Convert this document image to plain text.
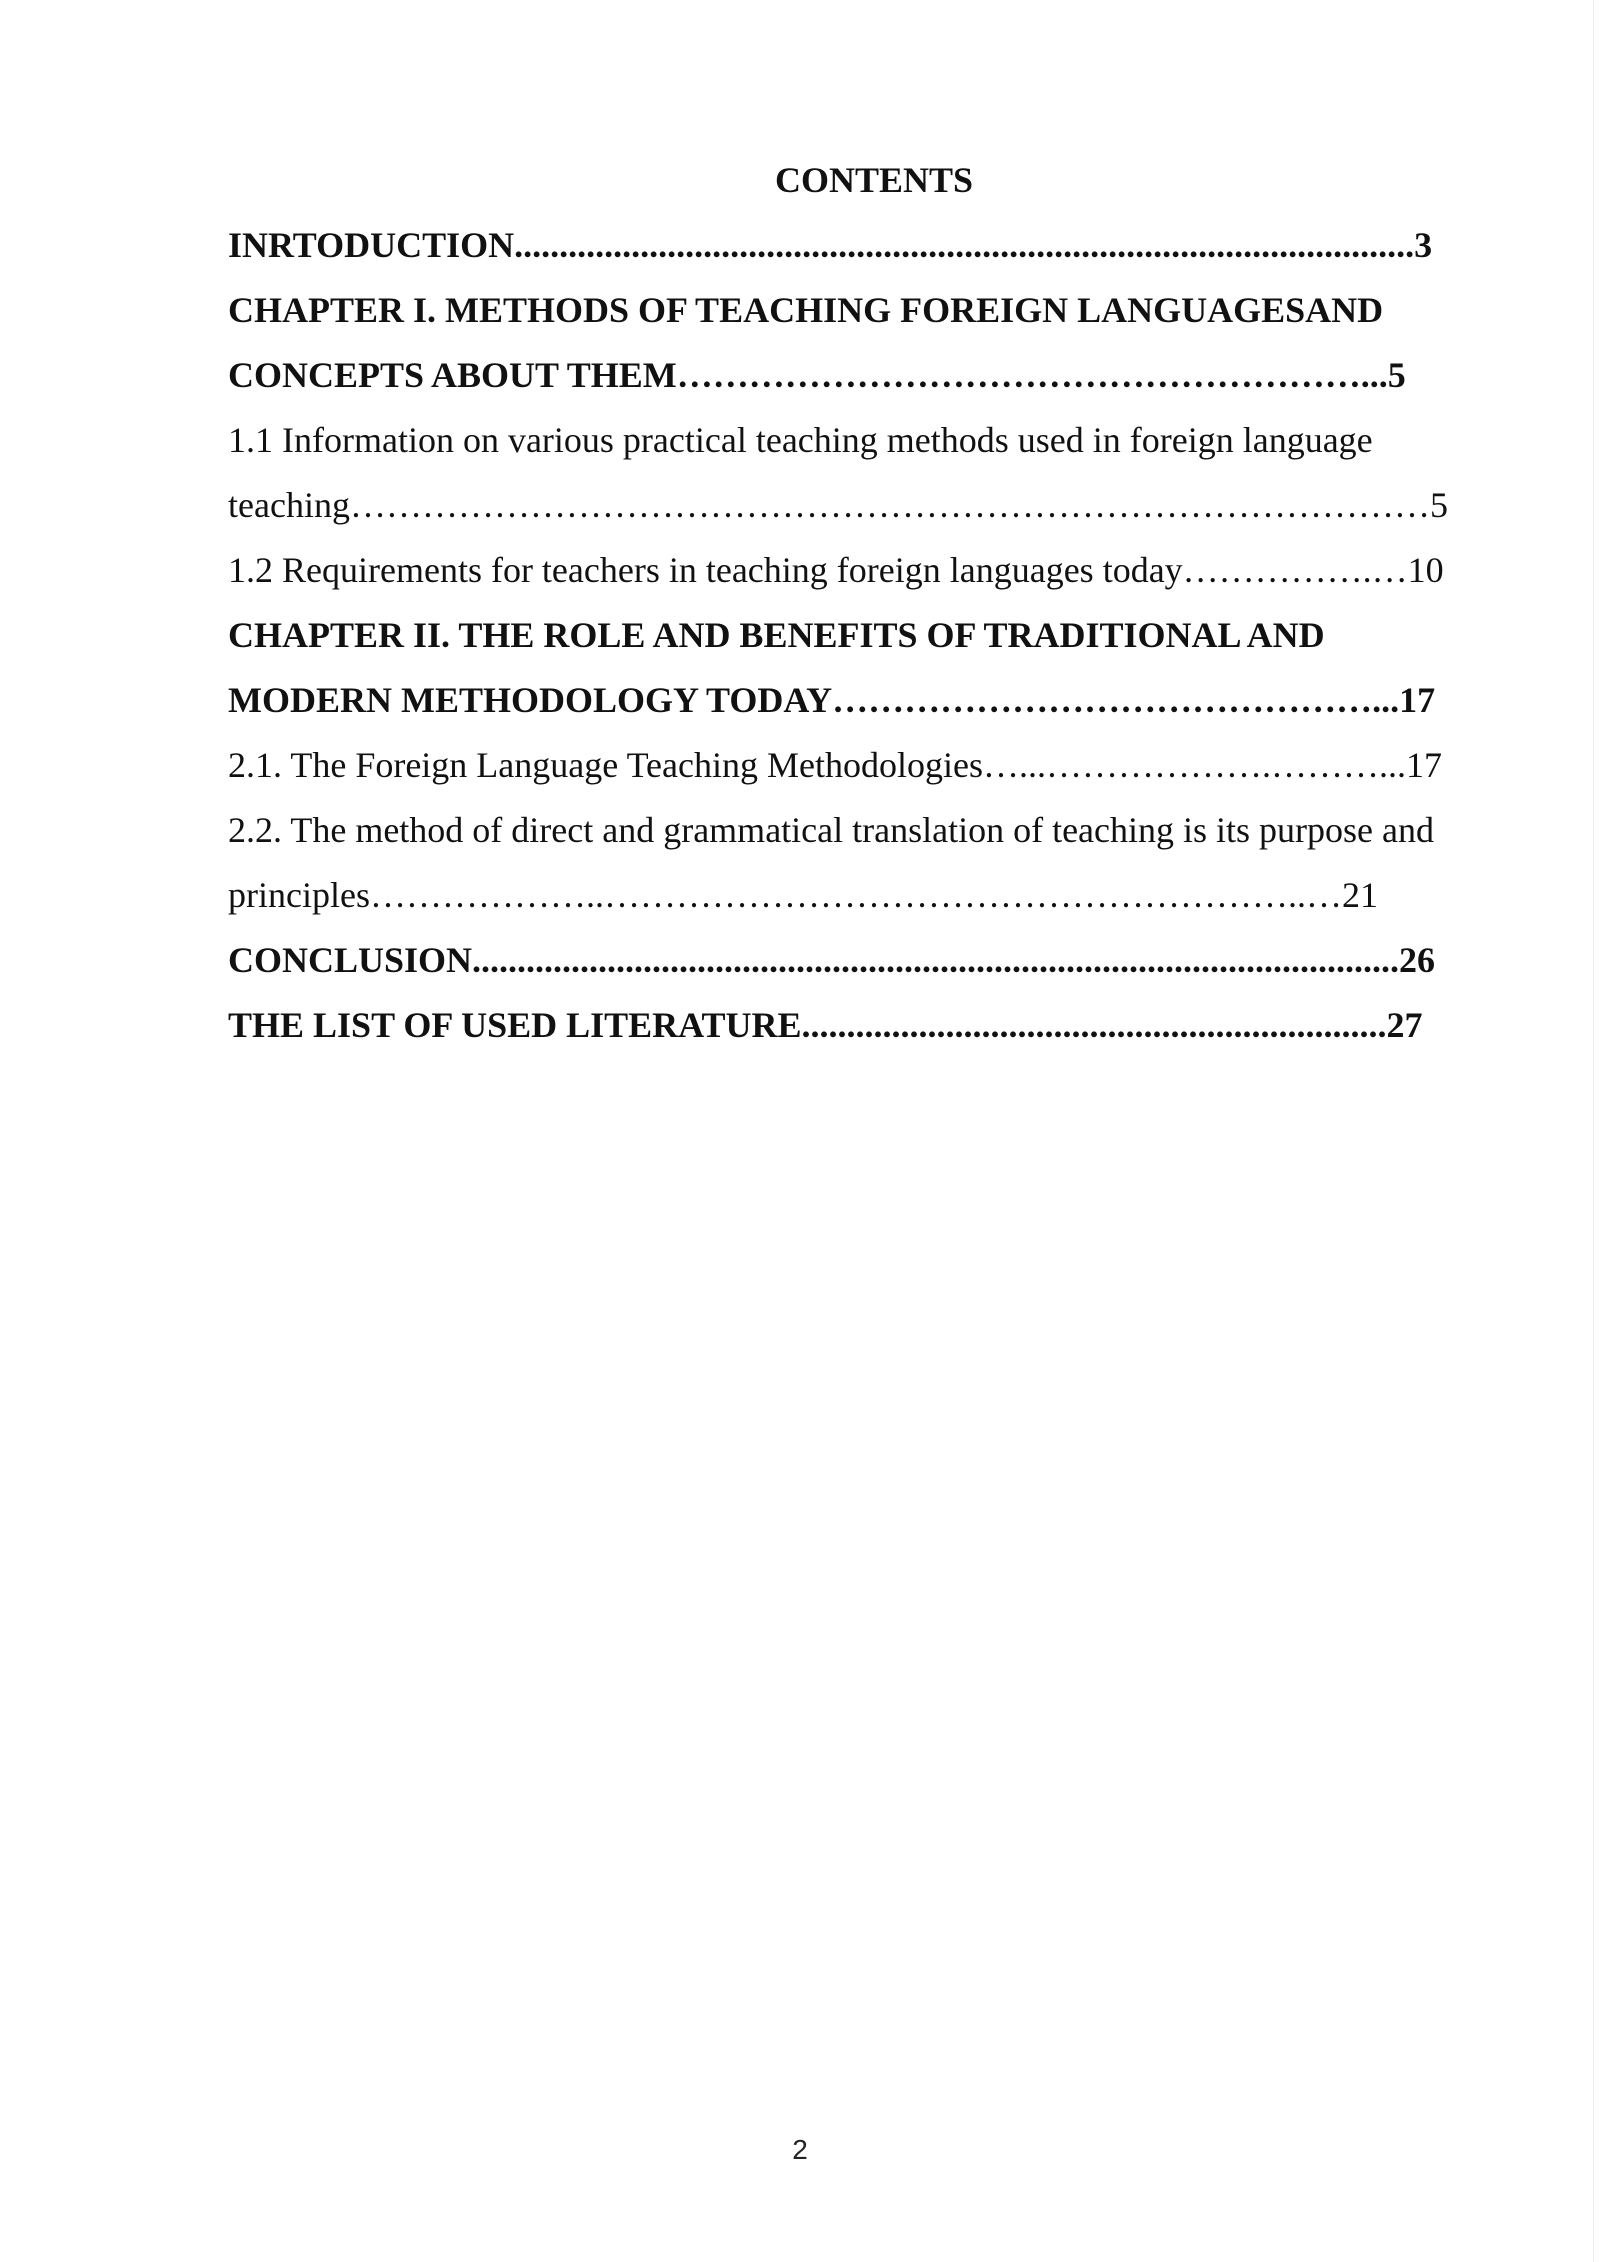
CONTENTS
INRTODUCTION....................................................................................................3
CHAPTER I. METHODS OF TEACHING FOREIGN LANGUAGESAND
CONCEPTS ABOUT THEM…………………………………………………...5
1.1 Information on various practical teaching methods used in foreign language
teaching………………………………………………………………………………5
1.2 Requirements for teachers in teaching foreign languages today…………….…10
CHAPTER II. THE ROLE AND BENEFITS OF TRADITIONAL AND
MODERN METHODOLOGY TODAY………………………………………...17
2.1. The Foreign Language Teaching Methodologies…...……………….………...17
2.2. The method of direct and grammatical translation of teaching is its purpose and
principles………………..…………………………………………………..…21
CONCLUSION.......................................................................................................26
THE LIST OF USED LITERATURE.................................................................27
2
